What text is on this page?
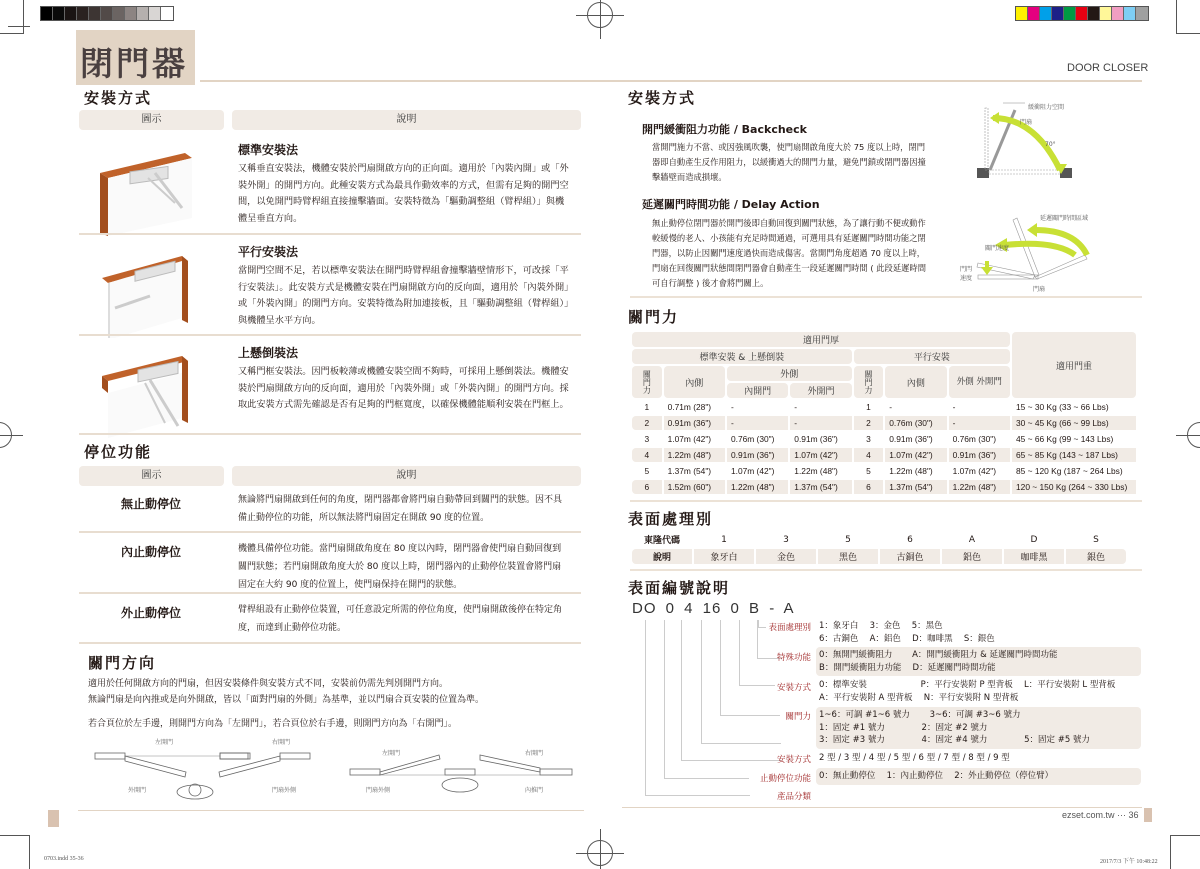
0703.indd 35-36	2017/7/3 下午 10:48:22
閉門器	DOOR CLOSER
安裝方式
圖示	說明
標準安裝法
又稱垂直安裝法，機體安裝於門扇開啟方向的正向面。適用於「內裝內開」或「外裝外開」的開門方向。此種安裝方式為最具作動效率的方式，但需有足夠的開門空間，以免開門時臂桿組直接撞擊牆面。安裝特徵為「驅動調整組（臂桿組）」與機體呈垂直方向。
平行安裝法
當開門空間不足，若以標準安裝法在開門時臂桿組會撞擊牆壁情形下，可改採「平行安裝法」。此安裝方式是機體安裝在門扇開啟方向的反向面，適用於「內裝外開」或「外裝內開」的開門方向。安裝特徵為附加連接板，且「驅動調整組（臂桿組）」與機體呈水平方向。
上懸倒裝法
又稱門框安裝法。因門板較薄或機體安裝空間不夠時，可採用上懸倒裝法。機體安裝於門扇開啟方向的反向面，適用於「內裝外開」或「外裝內開」的開門方向。採取此安裝方式需先確認是否有足夠的門框寬度，以確保機體能順利安裝在門框上。
停位功能
圖示	說明
無止動停位	無論將門扇開啟到任何的角度，閉門器都會將門扇自動帶回到關門的狀態。因不具備止動停位的功能，所以無法將門扇固定在開啟 90 度的位置。
內止動停位	機體具備停位功能。當門扇開啟角度在 80 度以內時，閉門器會使門扇自動回復到關門狀態；若門扇開啟角度大於 80 度以上時，閉門器內的止動停位裝置會將門扇固定在大約 90 度的位置上，使門扇保持在開門的狀態。
外止動停位	臂桿組設有止動停位裝置，可任意設定所需的停位角度，使門扇開啟後停在特定角度，而達到止動停位功能。
關門方向
適用於任何開啟方向的門扇，但因安裝條件與安裝方式不同，安裝前仍需先判別開門方向。
無論門扇是向內推或是向外開啟，皆以「面對門扇的外側」為基準，並以門扇合頁安裝的位置為準。
若合頁位於左手邊，則開門方向為「左開門」，若合頁位於右手邊，則開門方向為「右開門」。
左開門	右開門
外開門	門扇外側
左開門	右開門
門扇外側	內推門
安裝方式
開門緩衝阻力功能 / Backcheck
當開門施力不當、或因強風吹襲，使門扇開啟角度大於 75 度以上時，閉門器即自動產生反作用阻力，以緩衝過大的開門力量，避免門鎖或閉門器因撞擊牆壁而造成損壞。
延遲關門時間功能 / Delay Action
無止動停位閉門器於開門後即自動回復到關門狀態，為了讓行動不便或動作較緩慢的老人、小孩能有充足時間通過，可選用具有延遲關門時間功能之閉門器，以防止因關門速度過快而造成傷害。當開門角度超過 70 度以上時，門扇在回復關門狀態間閉門器會自動產生一段延遲關門時間 ( 此段延遲時間可自行調整 ) 後才會將門關上。
緩衝阻力空間
門扇
70°
延遲關門時間區域
關門速度
門閂速度
門扇
關門力
適用門厚							適用門重
標準安裝 & 上懸倒裝				平行安裝			
關門力	內側	外側		關門力	內側	外側 外開門	
		內開門	外開門				
1	0.71m (28")	-	-	1	-	-	15 ~ 30 Kg (33 ~ 66 Lbs)
2	0.91m (36")	-	-	2	0.76m (30")	-	30 ~ 45 Kg (66 ~ 99 Lbs)
3	1.07m (42")	0.76m (30")	0.91m (36")	3	0.91m (36")	0.76m (30")	45 ~ 66 Kg (99 ~ 143 Lbs)
4	1.22m (48")	0.91m (36")	1.07m (42")	4	1.07m (42")	0.91m (36")	65 ~ 85 Kg (143 ~ 187 Lbs)
5	1.37m (54")	1.07m (42")	1.22m (48")	5	1.22m (48")	1.07m (42")	85 ~ 120 Kg (187 ~ 264 Lbs)
6	1.52m (60")	1.22m (48")	1.37m (54")	6	1.37m (54")	1.22m (48")	120 ~ 150 Kg (264 ~ 330 Lbs)
表面處理別
東隆代碼	1	3	5	6	A	D	S
說明	象牙白	金色	黑色	古銅色	鋁色	咖啡黑	銀色
表面編號說明
DO 0 4 16 0 B - A
表面處理別 1：象牙白　 3：金色　 5：黑色
6：古銅色　 A：鋁色　 D：咖啡黑　 S：銀色
特殊功能 0：無開門緩衝阻力　　 A：開門緩衝阻力 & 延遲關門時間功能
B：開門緩衝阻力功能　 D：延遲關門時間功能
安裝方式 0：標準安裝　　　　　　 P：平行安裝附 P 型背板　 L：平行安裝附 L 型背板
A：平行安裝附 A 型背板　 N：平行安裝附 N 型背板
關門力 1~6：可調 #1~6 號力　　 3~6：可調 #3~6 號力
1：固定 #1 號力　　　　 2：固定 #2 號力
3：固定 #3 號力　　　　 4：固定 #4 號力　　　　 5：固定 #5 號力
安裝方式 2 型 / 3 型 / 4 型 / 5 型 / 6 型 / 7 型 / 8 型 / 9 型
止動停位功能 0：無止動停位　 1：內止動停位　 2：外止動停位（停位臂）
產品分類
ezset.com.tw ··· 36
